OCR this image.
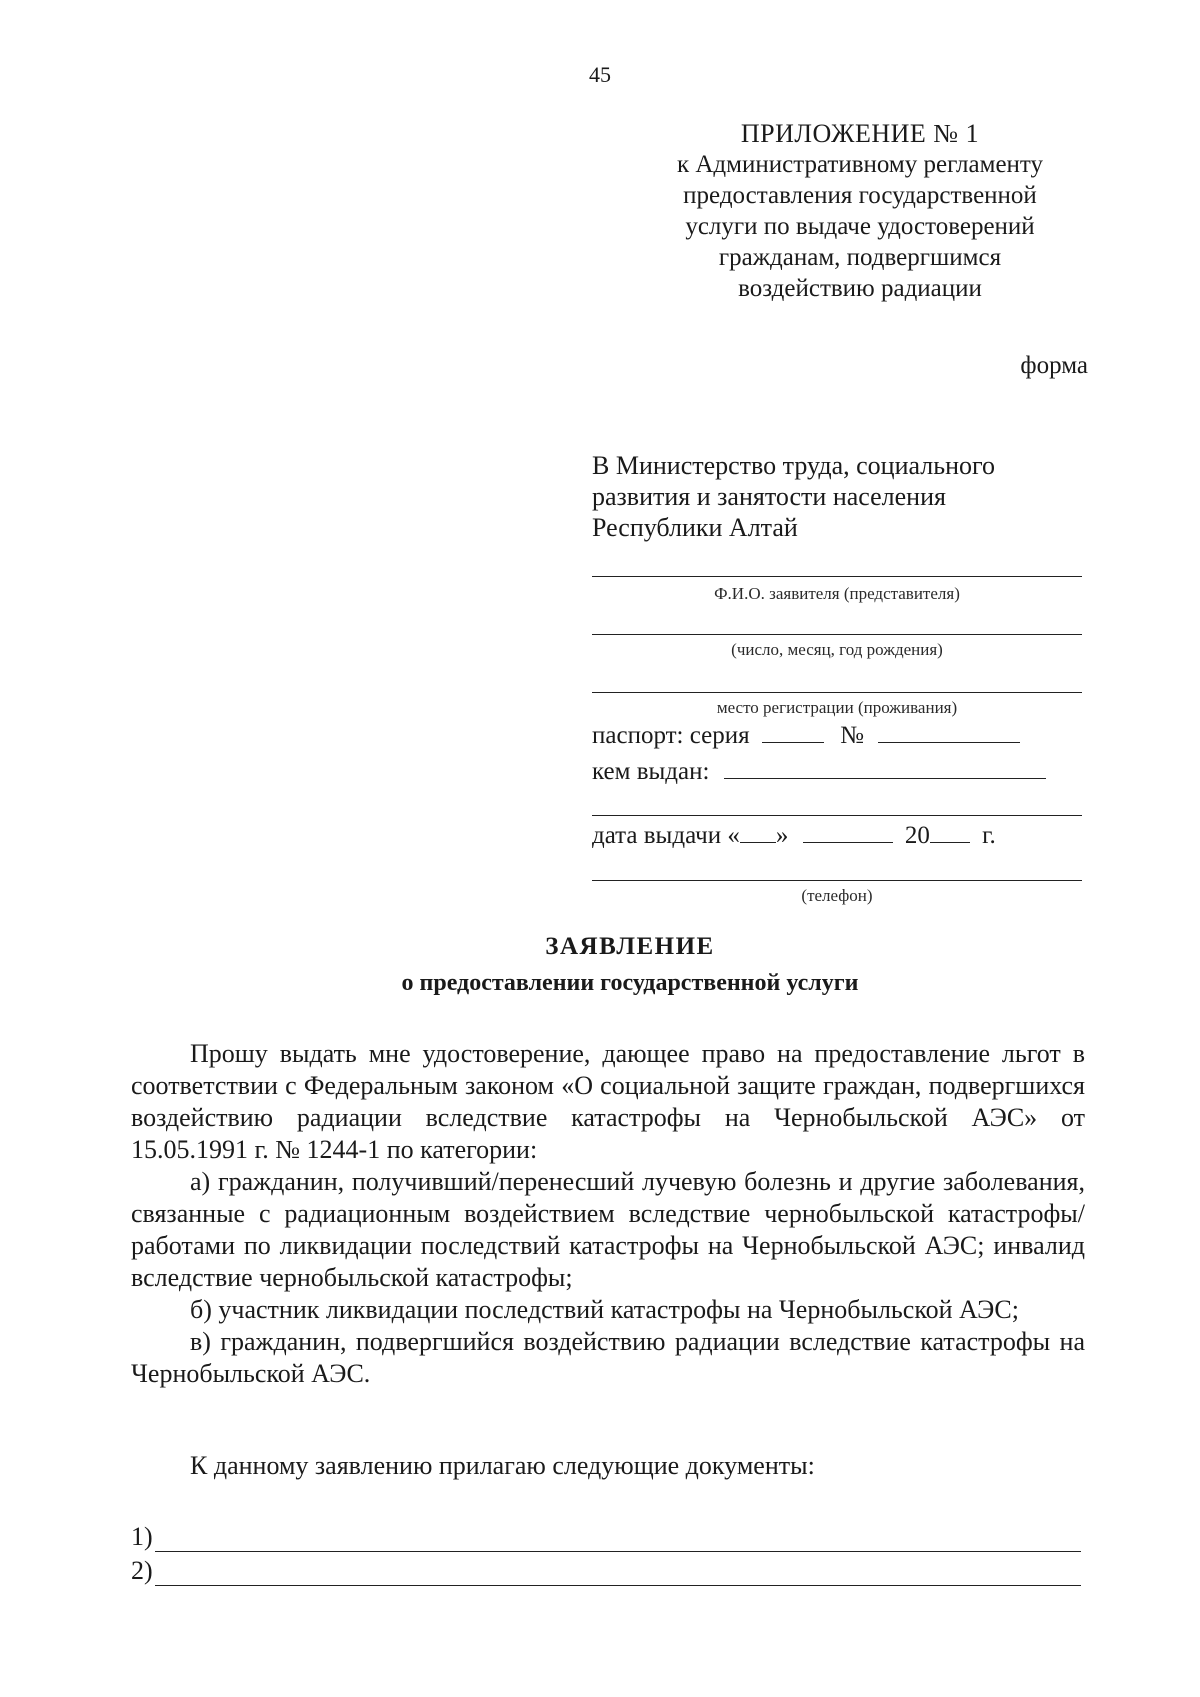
45
ПРИЛОЖЕНИЕ № 1
к Административному регламенту
предоставления государственной
услуги по выдаче удостоверений
гражданам, подвергшимся
воздействию радиации
форма
В Министерство труда, социального
развития и занятости населения
Республики Алтай
Ф.И.О. заявителя (представителя)
(число, месяц, год рождения)
место регистрации (проживания)
паспорт: серия	№
кем выдан:
дата выдачи « »	20 г.
(телефон)
ЗАЯВЛЕНИЕ
о предоставлении государственной услуги

Прошу выдать мне удостоверение, дающее право на предоставление льгот в соответствии с Федеральным законом «О социальной защите граждан, подвергшихся воздействию радиации вследствие катастрофы на Чернобыльской АЭС» от 15.05.1991 г. № 1244-1 по категории:

а) гражданин, получивший/перенесший лучевую болезнь и другие заболевания, связанные с радиационным воздействием вследствие чернобыльской катастрофы/работами по ликвидации последствий катастрофы на Чернобыльской АЭС; инвалид вследствие чернобыльской катастрофы;

б) участник ликвидации последствий катастрофы на Чернобыльской АЭС;

в) гражданин, подвергшийся воздействию радиации вследствие катастрофы на Чернобыльской АЭС.

К данному заявлению прилагаю следующие документы:
1)
2)
